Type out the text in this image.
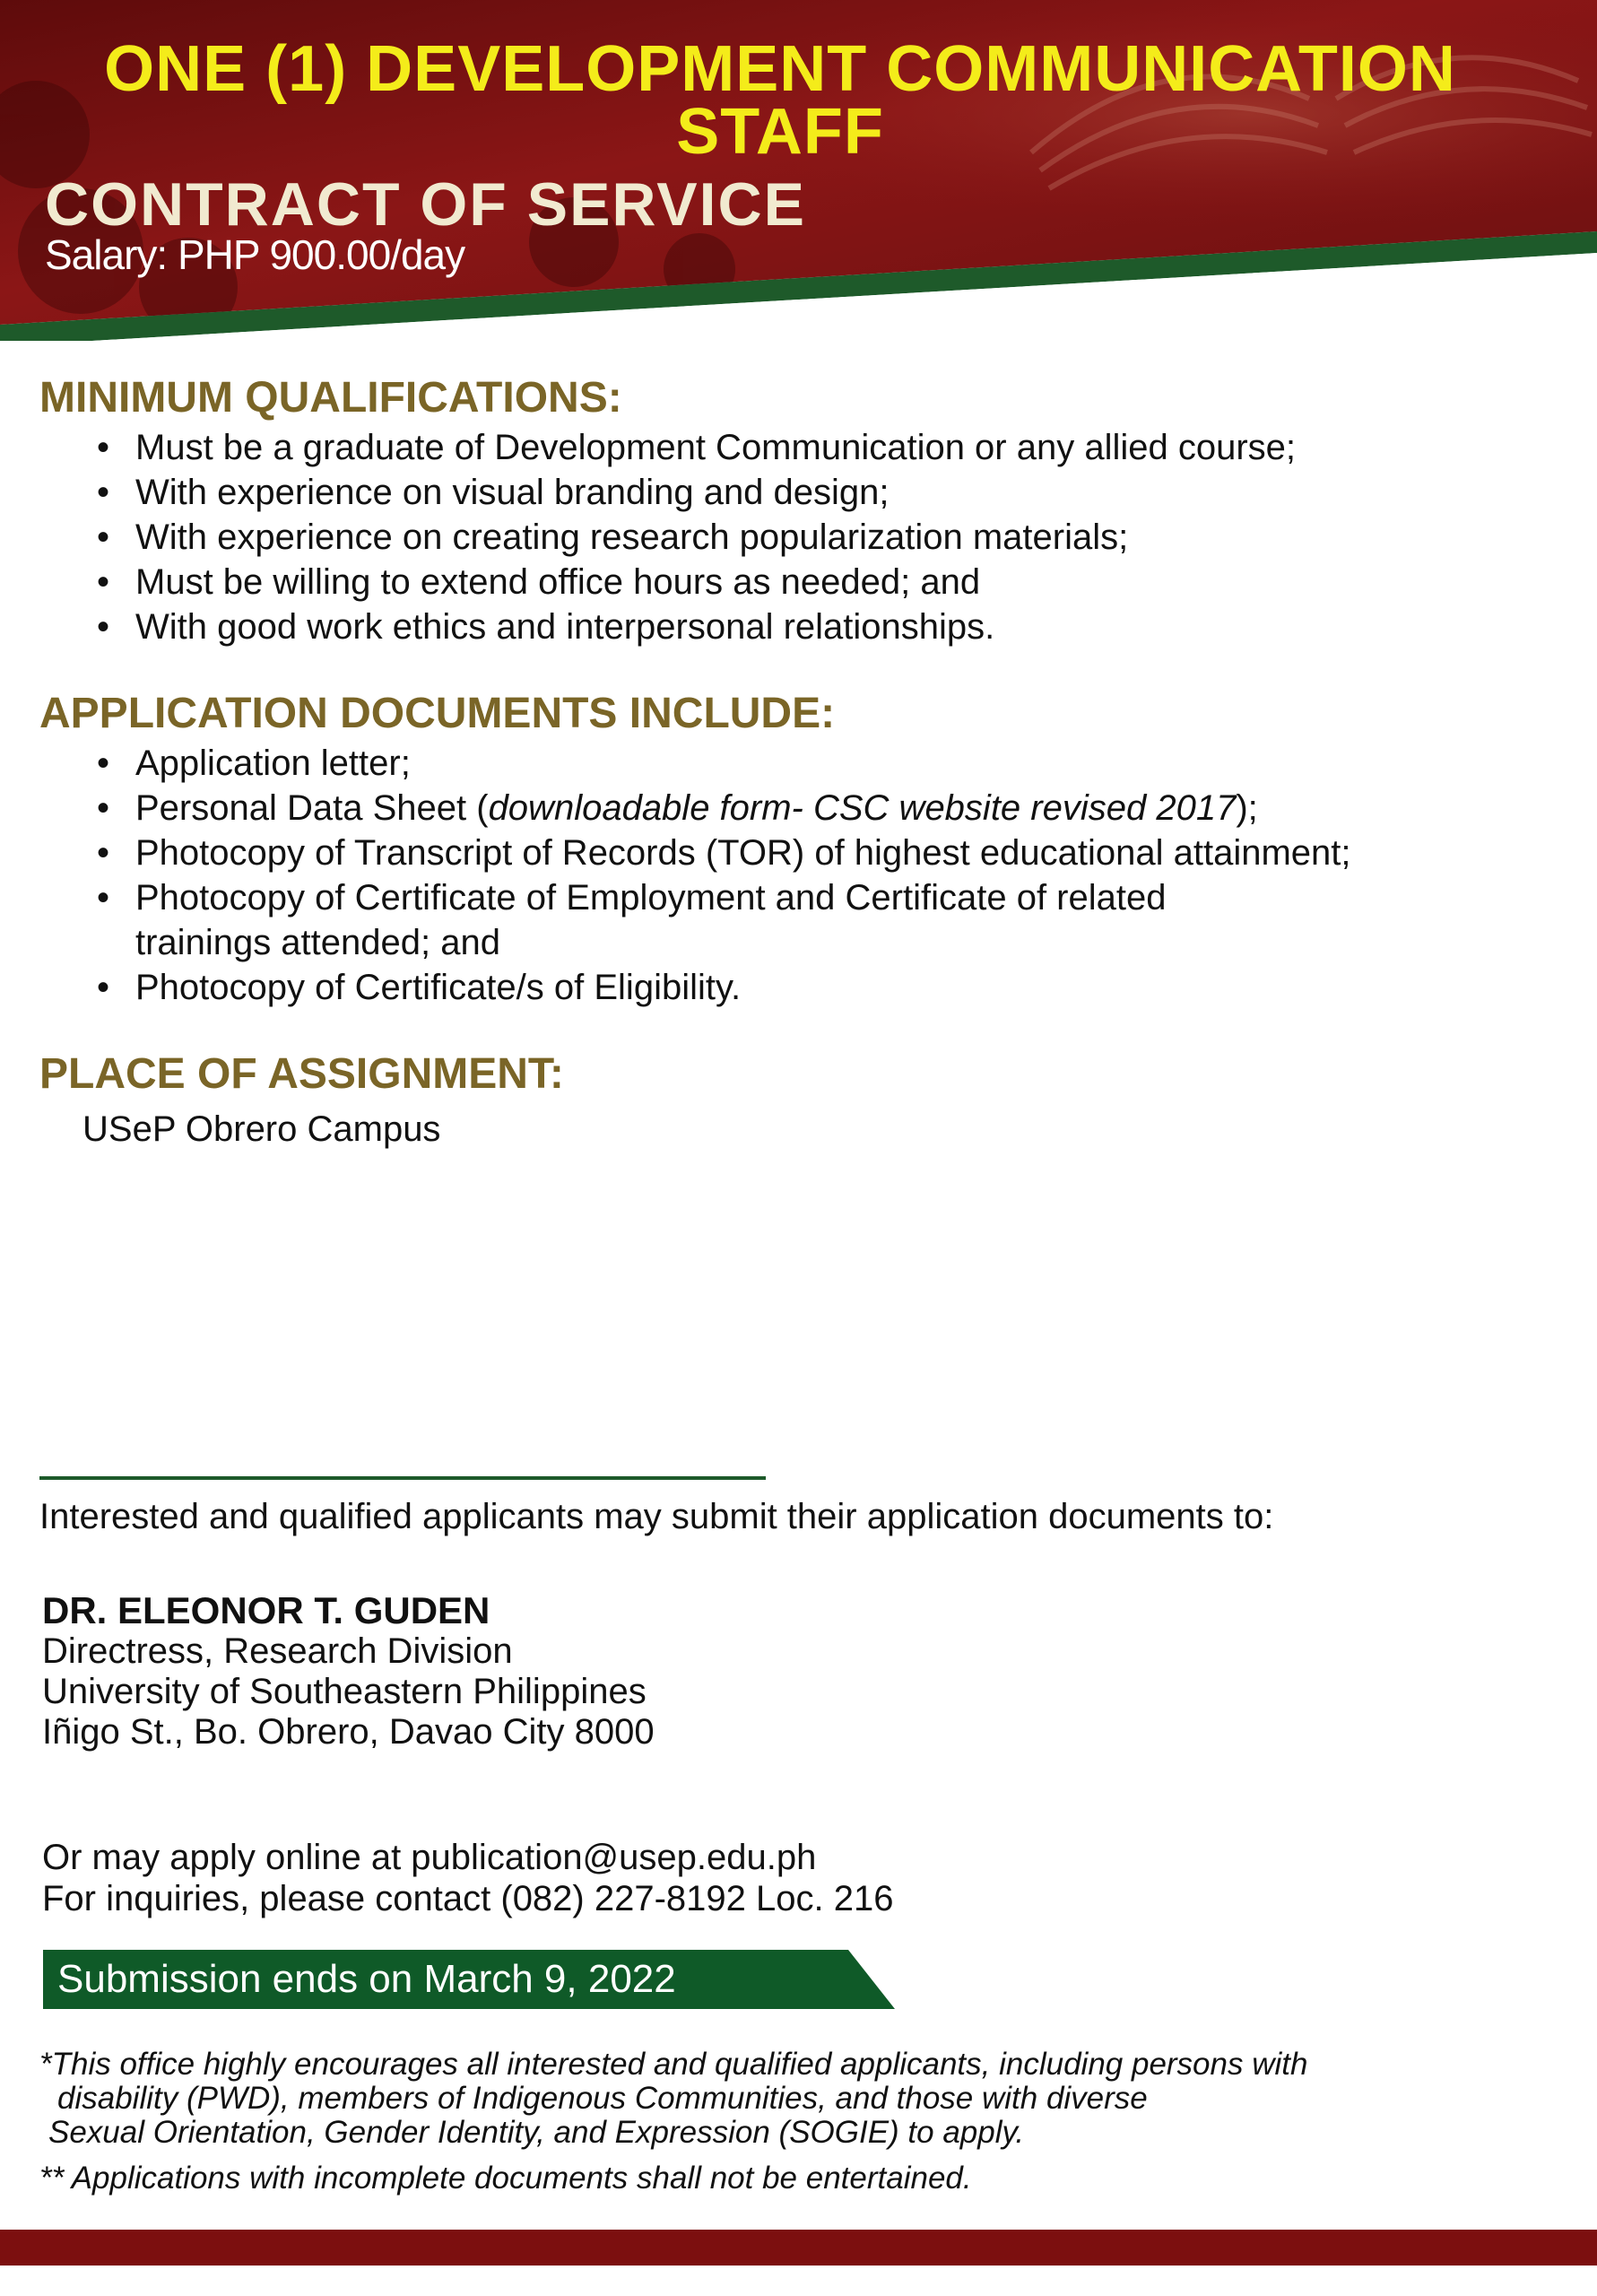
ONE (1) DEVELOPMENT COMMUNICATION STAFF
CONTRACT OF SERVICE
Salary: PHP 900.00/day
MINIMUM QUALIFICATIONS:
• Must be a graduate of Development Communication or any allied course;
• With experience on visual branding and design;
• With experience on creating research popularization materials;
• Must be willing to extend office hours as needed; and
• With good work ethics and interpersonal relationships.
APPLICATION DOCUMENTS INCLUDE:
• Application letter;
• Personal Data Sheet (downloadable form- CSC website revised 2017);
• Photocopy of Transcript of Records (TOR) of highest educational attainment;
• Photocopy of Certificate of Employment and Certificate of related
trainings attended; and
• Photocopy of Certificate/s of Eligibility.
PLACE OF ASSIGNMENT:
USeP Obrero Campus
Interested and qualified applicants may submit their application documents to:
DR. ELEONOR T. GUDEN
Directress, Research Division
University of Southeastern Philippines
Iñigo St., Bo. Obrero, Davao City 8000
Or may apply online at publication@usep.edu.ph
For inquiries, please contact (082) 227-8192 Loc. 216
Submission ends on March 9, 2022
*This office highly encourages all interested and qualified applicants, including persons with

disability (PWD), members of Indigenous Communities, and those with diverse
Sexual Orientation, Gender Identity, and Expression (SOGIE) to apply.
** Applications with incomplete documents shall not be entertained.
